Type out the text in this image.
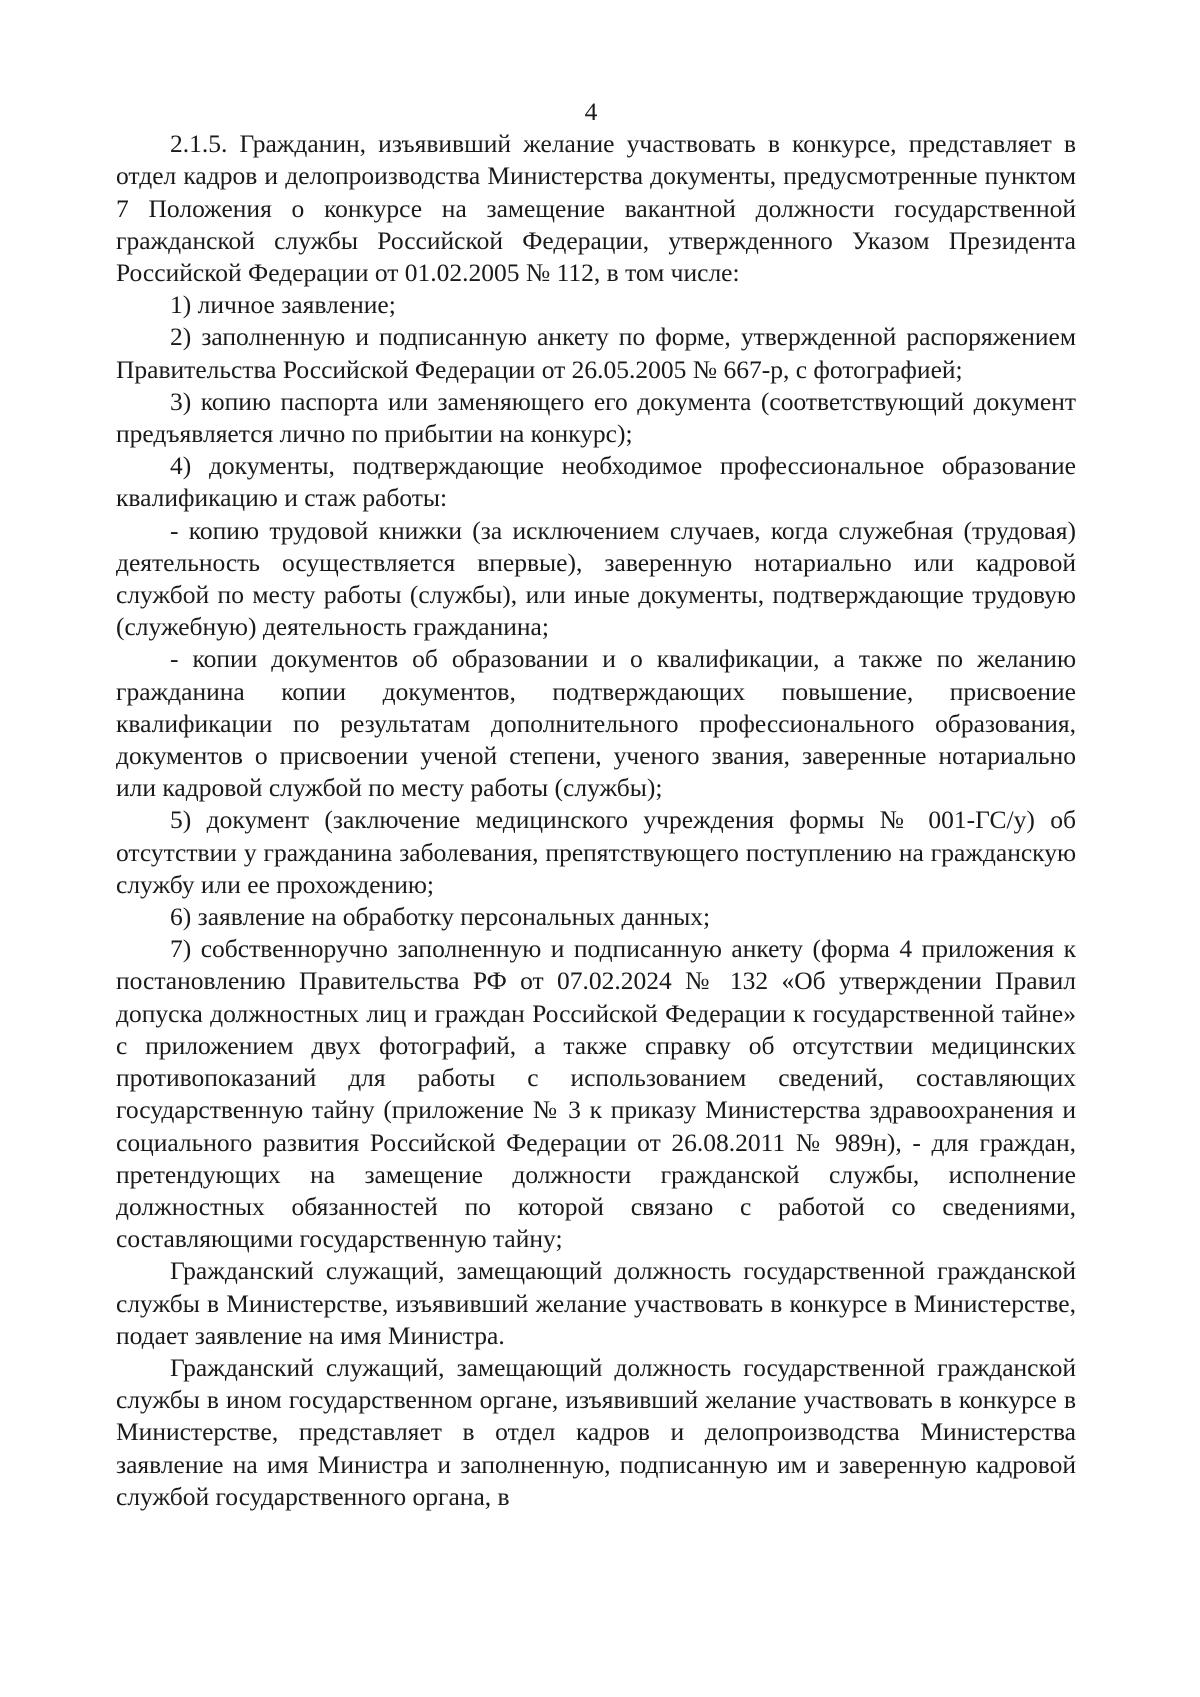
4

2.1.5. Гражданин, изъявивший желание участвовать в конкурсе, представляет в отдел кадров и делопроизводства Министерства документы, предусмотренные пунктом 7 Положения о конкурсе на замещение вакантной должности государственной гражданской службы Российской Федерации, утвержденного Указом Президента Российской Федерации от 01.02.2005 № 112, в том числе:

1) личное заявление;

2) заполненную и подписанную анкету по форме, утвержденной распоряжением Правительства Российской Федерации от 26.05.2005 № 667-р, с фотографией;

3) копию паспорта или заменяющего его документа (соответствующий документ предъявляется лично по прибытии на конкурс);

4) документы, подтверждающие необходимое профессиональное образование квалификацию и стаж работы:

- копию трудовой книжки (за исключением случаев, когда служебная (трудовая) деятельность осуществляется впервые), заверенную нотариально или кадровой службой по месту работы (службы), или иные документы, подтверждающие трудовую (служебную) деятельность гражданина;

- копии документов об образовании и о квалификации, а также по желанию гражданина копии документов, подтверждающих повышение, присвоение квалификации по результатам дополнительного профессионального образования, документов о присвоении ученой степени, ученого звания, заверенные нотариально или кадровой службой по месту работы (службы);

5) документ (заключение медицинского учреждения формы № 001-ГС/у) об отсутствии у гражданина заболевания, препятствующего поступлению на гражданскую службу или ее прохождению;

6) заявление на обработку персональных данных;

7) собственноручно заполненную и подписанную анкету (форма 4 приложения к постановлению Правительства РФ от 07.02.2024 № 132 «Об утверждении Правил допуска должностных лиц и граждан Российской Федерации к государственной тайне» с приложением двух фотографий, а также справку об отсутствии медицинских противопоказаний для работы с использованием сведений, составляющих государственную тайну (приложение № 3 к приказу Министерства здравоохранения и социального развития Российской Федерации от 26.08.2011 № 989н), - для граждан, претендующих на замещение должности гражданской службы, исполнение должностных обязанностей по которой связано с работой со сведениями, составляющими государственную тайну;

Гражданский служащий, замещающий должность государственной гражданской службы в Министерстве, изъявивший желание участвовать в конкурсе в Министерстве, подает заявление на имя Министра.

Гражданский служащий, замещающий должность государственной гражданской службы в ином государственном органе, изъявивший желание участвовать в конкурсе в Министерстве, представляет в отдел кадров и делопроизводства Министерства заявление на имя Министра и заполненную, подписанную им и заверенную кадровой службой государственного органа, в
